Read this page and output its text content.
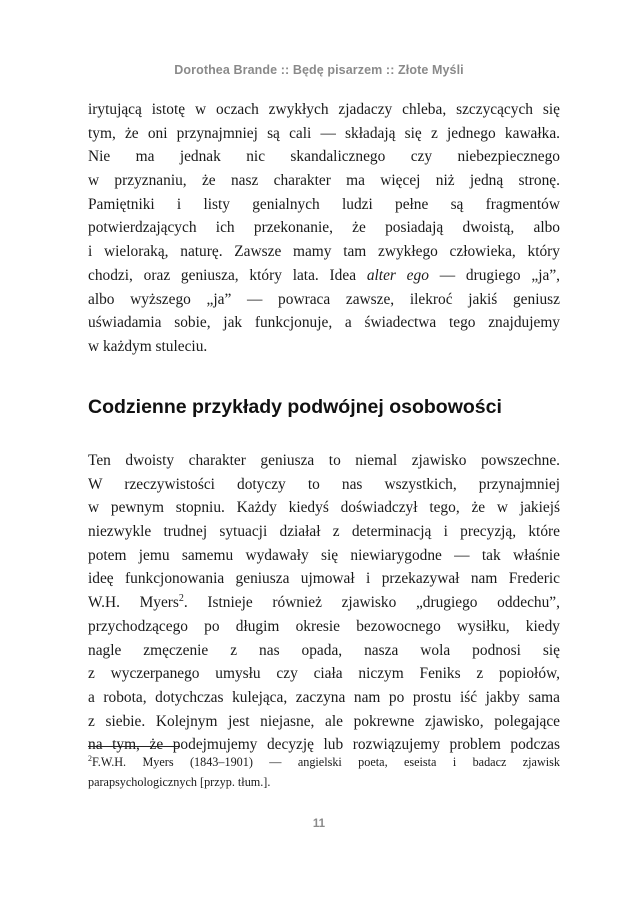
Dorothea Brande :: Będę pisarzem :: Złote Myśli
irytującą istotę w oczach zwykłych zjadaczy chleba, szczycących się
tym, że oni przynajmniej są cali — składają się z jednego kawałka.
Nie ma jednak nic skandalicznego czy niebezpiecznego
w przyznaniu, że nasz charakter ma więcej niż jedną stronę.
Pamiętniki i listy genialnych ludzi pełne są fragmentów
potwierdzających ich przekonanie, że posiadają dwoistą, albo
i wieloraką, naturę. Zawsze mamy tam zwykłego człowieka, który
chodzi, oraz geniusza, który lata. Idea alter ego — drugiego „ja”,
albo wyższego „ja” — powraca zawsze, ilekroć jakiś geniusz
uświadamia sobie, jak funkcjonuje, a świadectwa tego znajdujemy
w każdym stuleciu.
Codzienne przykłady podwójnej osobowości
Ten dwoisty charakter geniusza to niemal zjawisko powszechne.
W rzeczywistości dotyczy to nas wszystkich, przynajmniej
w pewnym stopniu. Każdy kiedyś doświadczył tego, że w jakiejś
niezwykle trudnej sytuacji działał z determinacją i precyzją, które
potem jemu samemu wydawały się niewiarygodne — tak właśnie
ideę funkcjonowania geniusza ujmował i przekazywał nam Frederic
W.H. Myers$^2$. Istnieje również zjawisko „drugiego oddechu”,
przychodzącego po długim okresie bezowocnego wysiłku, kiedy
nagle zmęczenie z nas opada, nasza wola podnosi się
z wyczerpanego umysłu czy ciała niczym Feniks z popiołów,
a robota, dotychczas kulejąca, zaczyna nam po prostu iść jakby sama
z siebie. Kolejnym jest niejasne, ale pokrewne zjawisko, polegające
na tym, że podejmujemy decyzję lub rozwiązujemy problem podczas
$^2$F.W.H. Myers (1843–1901) — angielski poeta, eseista i badacz zjawisk
parapsychologicznych [przyp. tłum.].
11
